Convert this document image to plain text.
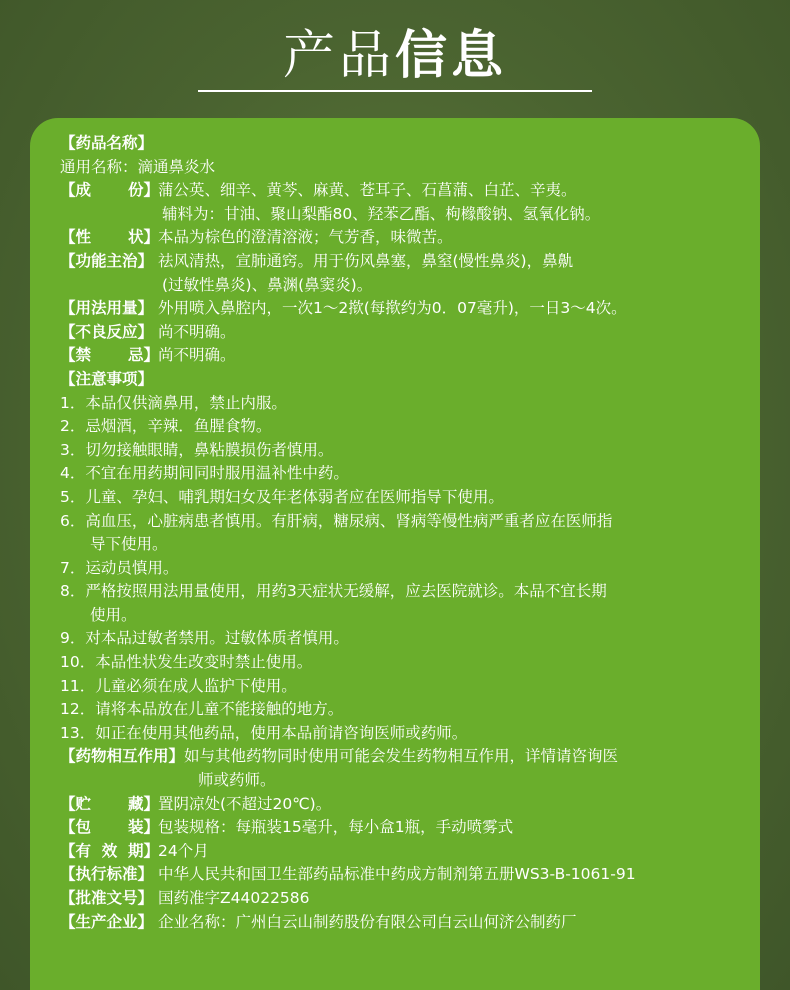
产品信息
【药品名称】
通用名称：滴通鼻炎水
【 成 份 】蒲公英、细辛、黄芩、麻黄、苍耳子、石菖蒲、白芷、辛夷。
辅料为：甘油、聚山梨酯80、羟苯乙酯、枸橼酸钠、氢氧化钠。
【 性 状 】本品为棕色的澄清溶液；气芳香，味微苦。
【功能主治】 祛风清热，宣肺通窍。用于伤风鼻塞，鼻窒(慢性鼻炎)，鼻鼽
(过敏性鼻炎)、鼻渊(鼻窦炎)。
【用法用量】 外用喷入鼻腔内，一次1～2揿(每揿约为0．07毫升)，一日3～4次。
【不良反应】 尚不明确。
【 禁 忌 】尚不明确。
【注意事项】
1．本品仅供滴鼻用，禁止内服。
2．忌烟酒，辛辣．鱼腥食物。
3．切勿接触眼睛，鼻粘膜损伤者慎用。
4．不宜在用药期间同时服用温补性中药。
5．儿童、孕妇、哺乳期妇女及年老体弱者应在医师指导下使用。
6．高血压，心脏病患者慎用。有肝病，糖尿病、肾病等慢性病严重者应在医师指
导下使用。
7．运动员慎用。
8．严格按照用法用量使用，用药3天症状无缓解，应去医院就诊。本品不宜长期
使用。
9．对本品过敏者禁用。过敏体质者慎用。
10．本品性状发生改变时禁止使用。
11．儿童必须在成人监护下使用。
12．请将本品放在儿童不能接触的地方。
13．如正在使用其他药品，使用本品前请咨询医师或药师。
【药物相互作用】如与其他药物同时使用可能会发生药物相互作用，详情请咨询医
师或药师。
【 贮 藏 】置阴凉处(不超过20℃)。
【 包 装 】包装规格：每瓶装15毫升，每小盒1瓶，手动喷雾式
【 有 效 期 】24个月
【执行标准】 中华人民共和国卫生部药品标准中药成方制剂第五册WS3-B-1061-91
【批准文号】 国药准字Z44022586
【生产企业】 企业名称：广州白云山制药股份有限公司白云山何济公制药厂
